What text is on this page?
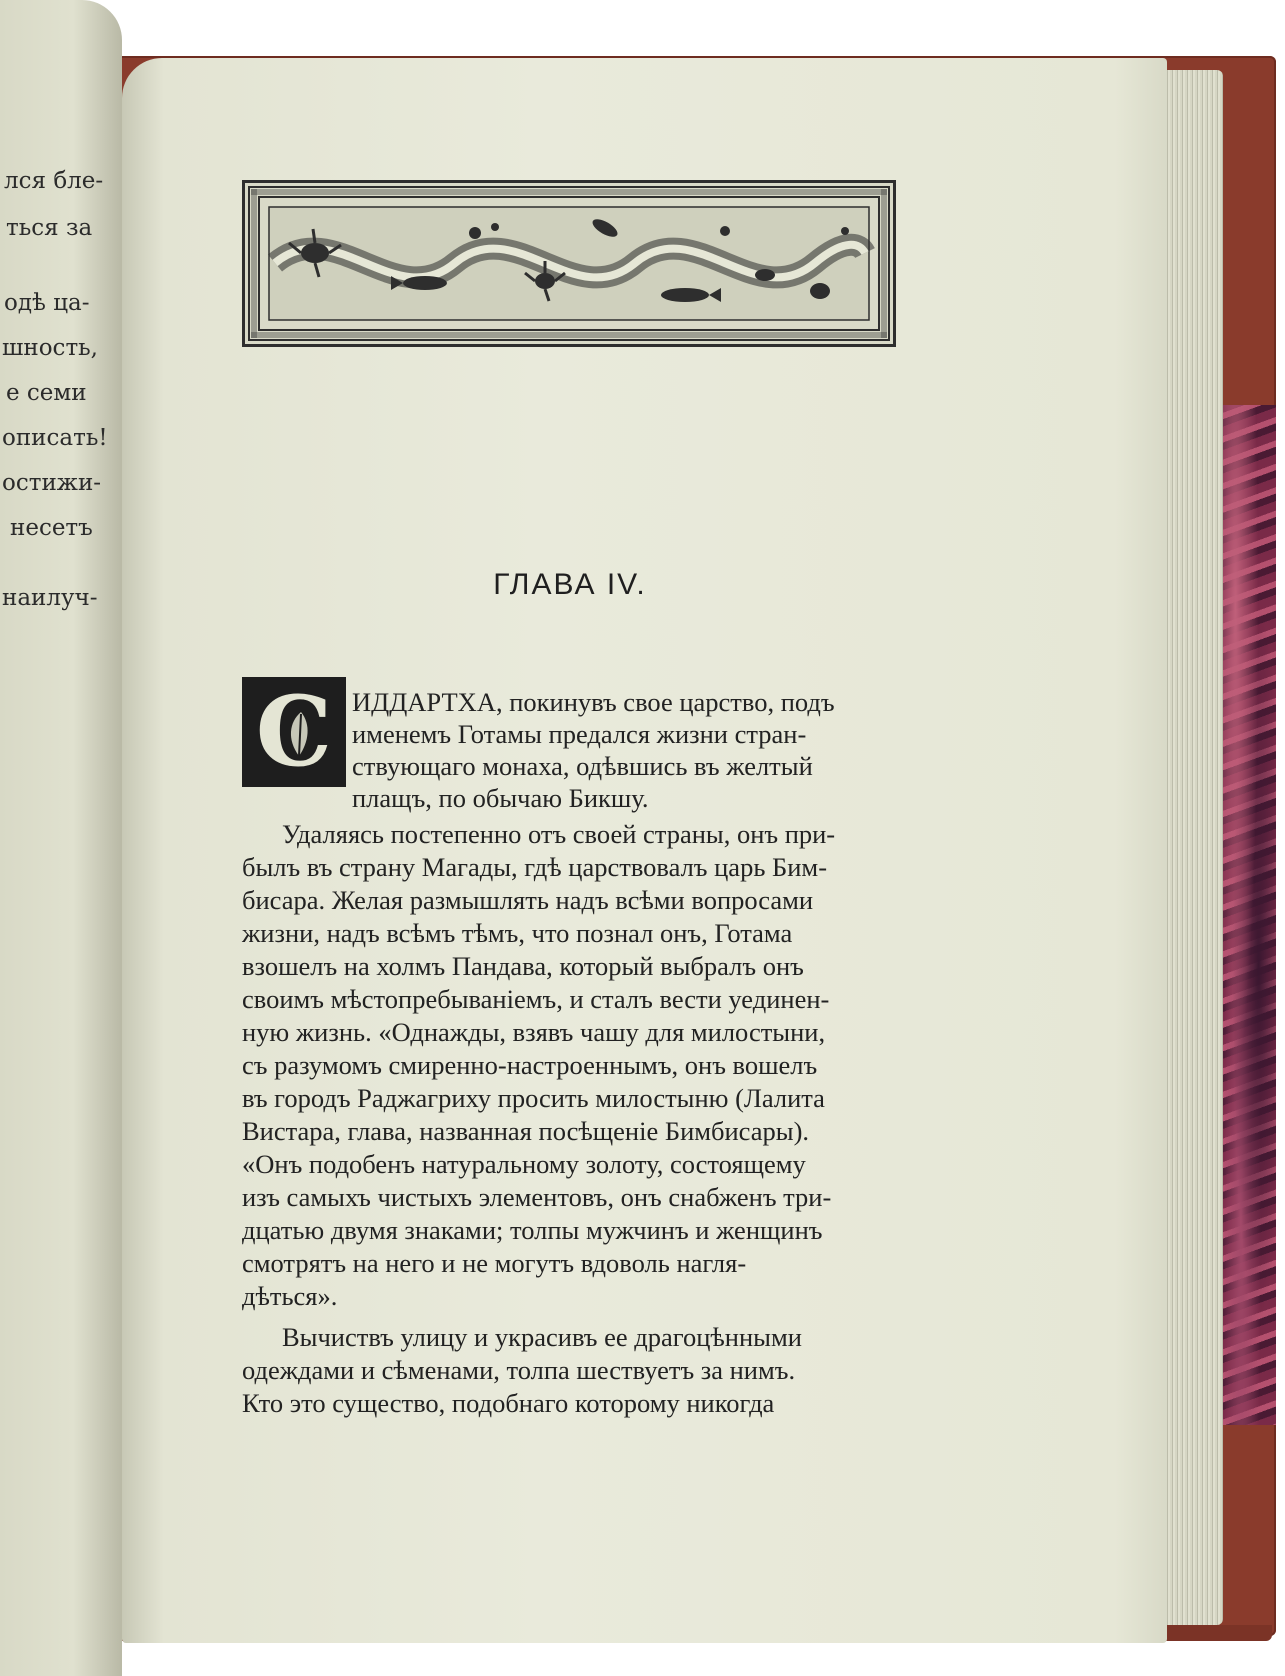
лся бле-
ться за
одѣ ца-
шность,
е семи
описать!
остижи-
несетъ
наилуч-	ГЛАВА IV.
С ИДДАРТХА, покинувъ свое царство, подъ
именемъ Готамы предался жизни стран-
ствующаго монаха, одѣвшись въ желтый
плащъ, по обычаю Бикшу.
Удаляясь постепенно отъ своей страны, онъ при-
былъ въ страну Магады, гдѣ царствовалъ царь Бим-
бисара. Желая размышлять надъ всѣми вопросами
жизни, надъ всѣмъ тѣмъ, что познал онъ, Готама
взошелъ на холмъ Пандава, который выбралъ онъ
своимъ мѣстопребываніемъ, и сталъ вести уединен-
ную жизнь. «Однажды, взявъ чашу для милостыни,
съ разумомъ смиренно-настроеннымъ, онъ вошелъ
въ городъ Раджагриху просить милостыню (Лалита
Вистара, глава, названная посѣщеніе Бимбисары).
«Онъ подобенъ натуральному золоту, состоящему
изъ самыхъ чистыхъ элементовъ, онъ снабженъ три-
дцатью двумя знаками; толпы мужчинъ и женщинъ
смотрятъ на него и не могутъ вдоволь нагля-
дѣться».
Вычиствъ улицу и украсивъ ее драгоцѣнными
одеждами и сѣменами, толпа шествуетъ за нимъ.
Кто это существо, подобнаго которому никогда
